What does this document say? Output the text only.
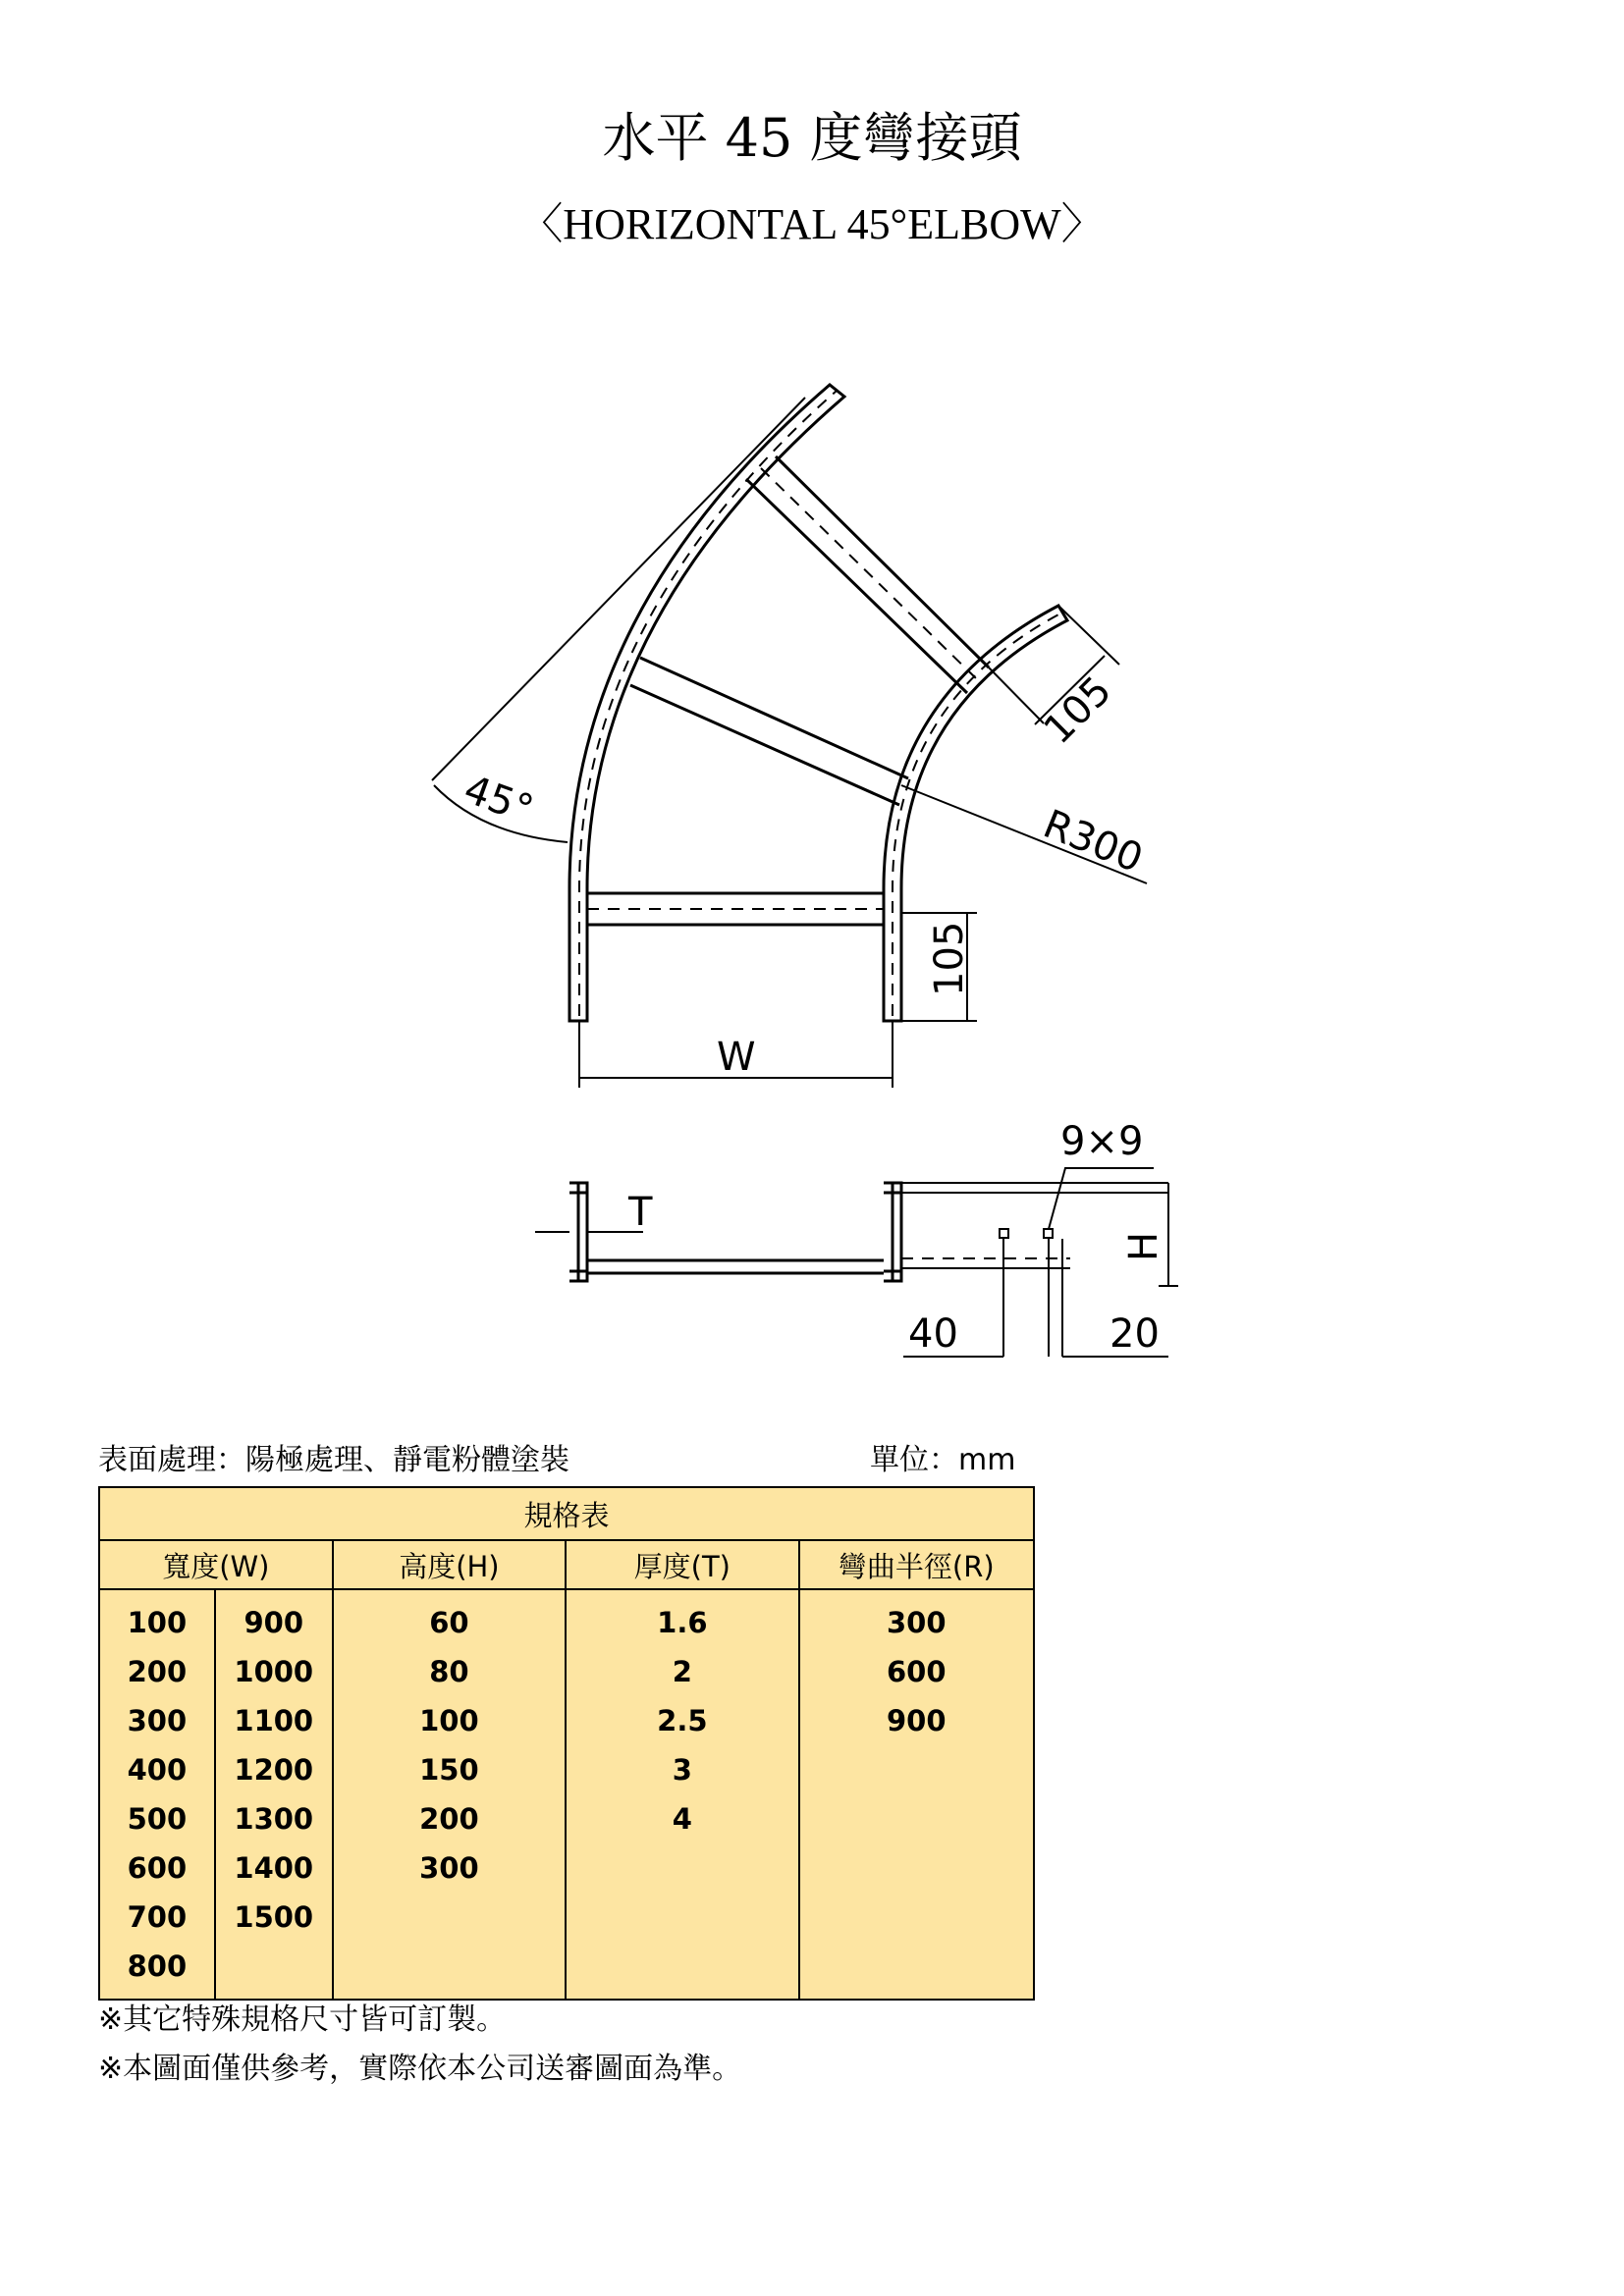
水平 45 度彎接頭
〈HORIZONTAL 45°ELBOW〉
45°
105
R300
105
W
T
9×9
H
40	20
表面處理：陽極處理、靜電粉體塗裝	單位：mm
規格表				
寬度(W)		高度(H)	厚度(T)	彎曲半徑(R)
100	900	60	1.6	300
200	1000	80	2	600
300	1100	100	2.5	900
400	1200	150	3	
500	1300	200	4	
600	1400	300		
700	1500			
800				
※其它特殊規格尺寸皆可訂製。
※本圖面僅供參考，實際依本公司送審圖面為準。
